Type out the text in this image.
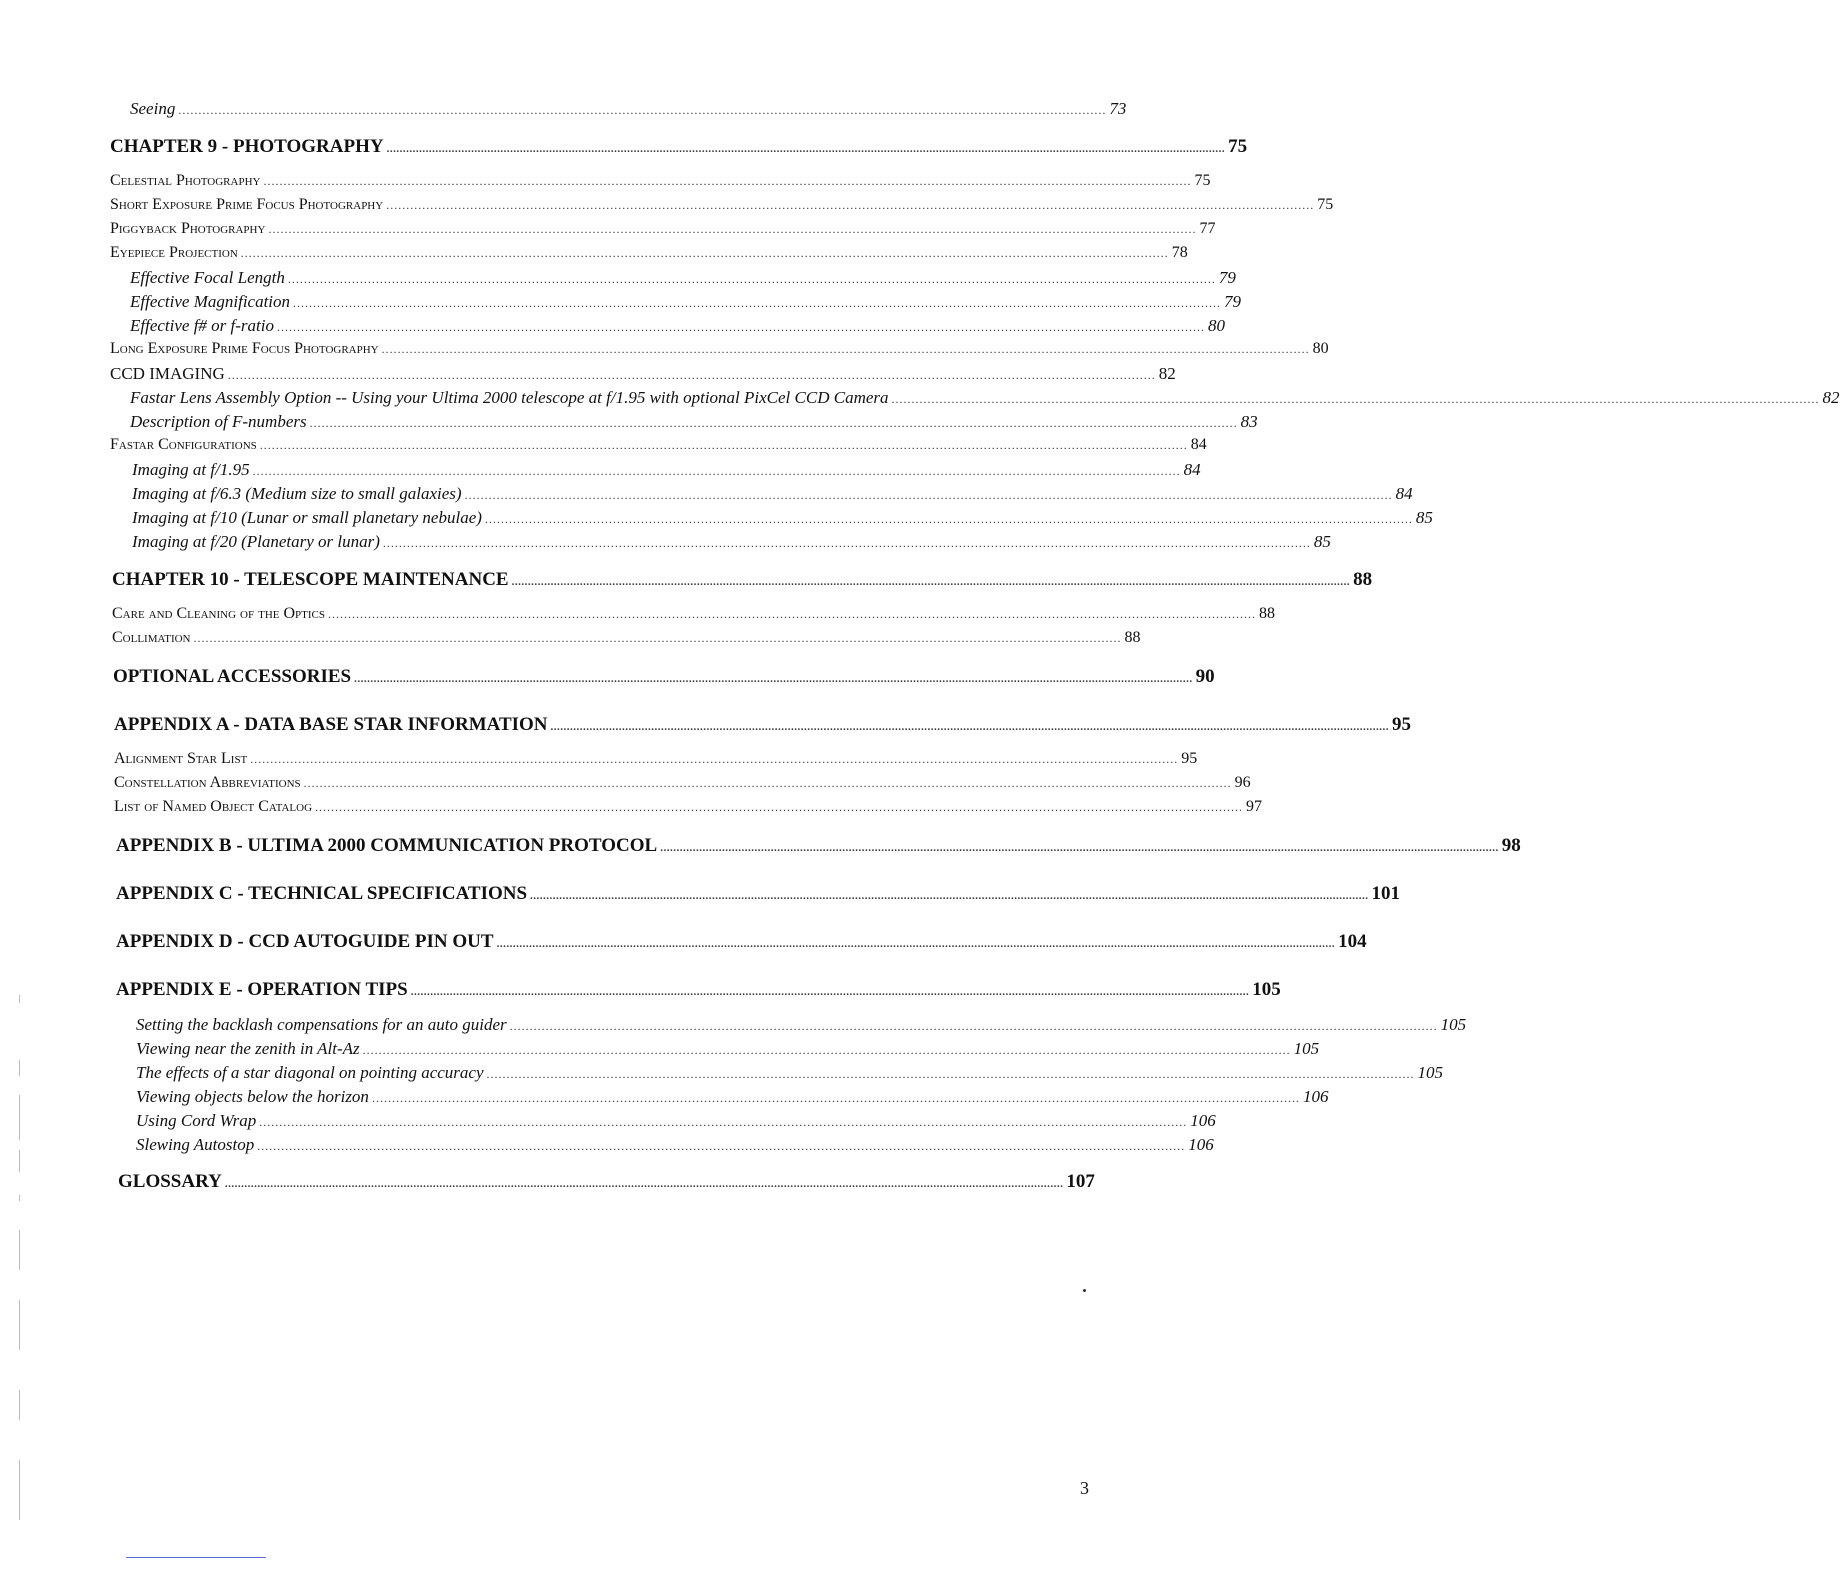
Seeing ........................................................................................................................................................................................................................................ 73
CHAPTER 9 - PHOTOGRAPHY .................................................................................................................................................................................................................................................................. 75
Celestial Photography ........................................................................................................................................................................................................................................ 75
Short Exposure Prime Focus Photography ........................................................................................................................................................................................................................................ 75
Piggyback Photography ........................................................................................................................................................................................................................................ 77
Eyepiece Projection ........................................................................................................................................................................................................................................ 78
Effective Focal Length ........................................................................................................................................................................................................................................ 79
Effective Magnification ........................................................................................................................................................................................................................................ 79
Effective f# or f-ratio ........................................................................................................................................................................................................................................ 80
Long Exposure Prime Focus Photography ........................................................................................................................................................................................................................................ 80
CCD IMAGING ........................................................................................................................................................................................................................................ 82
Fastar Lens Assembly Option -- Using your Ultima 2000 telescope at f/1.95 with optional PixCel CCD Camera ........................................................................................................................................................................................................................................ 82
Description of F-numbers ........................................................................................................................................................................................................................................ 83
Fastar Configurations ........................................................................................................................................................................................................................................ 84
Imaging at f/1.95 ........................................................................................................................................................................................................................................ 84
Imaging at f/6.3 (Medium size to small galaxies) ........................................................................................................................................................................................................................................ 84
Imaging at f/10 (Lunar or small planetary nebulae) ........................................................................................................................................................................................................................................ 85
Imaging at f/20 (Planetary or lunar) ........................................................................................................................................................................................................................................ 85
CHAPTER 10 - TELESCOPE MAINTENANCE .................................................................................................................................................................................................................................................................. 88
Care and Cleaning of the Optics ........................................................................................................................................................................................................................................ 88
Collimation ........................................................................................................................................................................................................................................ 88
OPTIONAL ACCESSORIES .................................................................................................................................................................................................................................................................. 90
APPENDIX A - DATA BASE STAR INFORMATION .................................................................................................................................................................................................................................................................. 95
Alignment Star List ........................................................................................................................................................................................................................................ 95
Constellation Abbreviations ........................................................................................................................................................................................................................................ 96
List of Named Object Catalog ........................................................................................................................................................................................................................................ 97
APPENDIX B - ULTIMA 2000 COMMUNICATION PROTOCOL .................................................................................................................................................................................................................................................................. 98
APPENDIX C - TECHNICAL SPECIFICATIONS .................................................................................................................................................................................................................................................................. 101
APPENDIX D - CCD AUTOGUIDE PIN OUT .................................................................................................................................................................................................................................................................. 104
APPENDIX E - OPERATION TIPS .................................................................................................................................................................................................................................................................. 105
Setting the backlash compensations for an auto guider ........................................................................................................................................................................................................................................ 105
Viewing near the zenith in Alt-Az ........................................................................................................................................................................................................................................ 105
The effects of a star diagonal on pointing accuracy ........................................................................................................................................................................................................................................ 105
Viewing objects below the horizon ........................................................................................................................................................................................................................................ 106
Using Cord Wrap ........................................................................................................................................................................................................................................ 106
Slewing Autostop ........................................................................................................................................................................................................................................ 106
GLOSSARY .................................................................................................................................................................................................................................................................. 107
3
